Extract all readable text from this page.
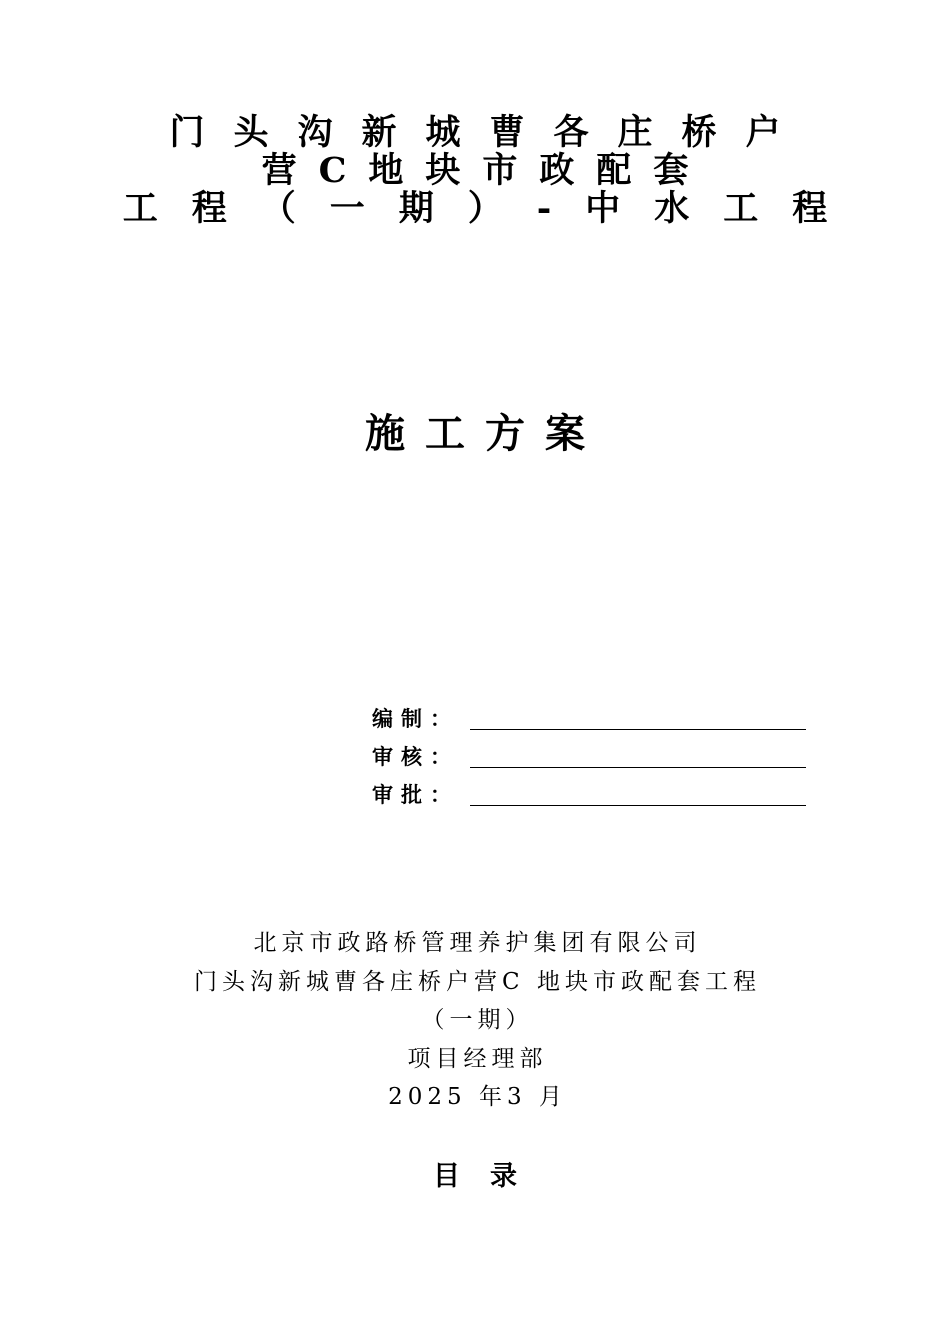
门头沟新城曹各庄桥户
营C地块市政配套
工程（一期）-中水工程
施工方案
编制：
审核：
审批：
北京市政路桥管理养护集团有限公司
门头沟新城曹各庄桥户营C 地块市政配套工程
（一期）
项目经理部
2025 年3 月
目录
